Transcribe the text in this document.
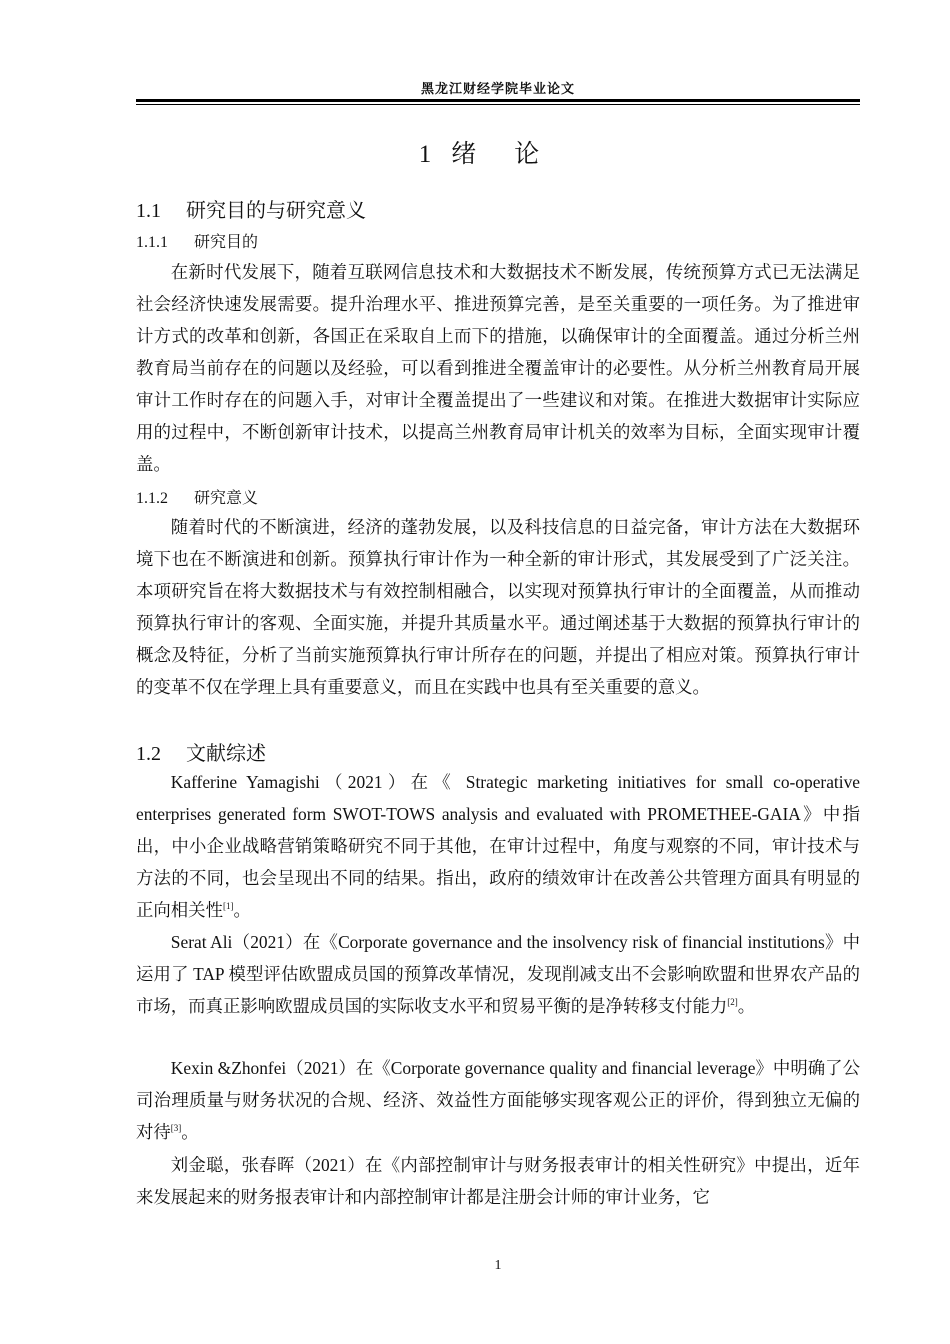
黑龙江财经学院毕业论文
1 绪论
1.1 研究目的与研究意义
1.1.1 研究目的

在新时代发展下，随着互联网信息技术和大数据技术不断发展，传统预算方式已无法满足社会经济快速发展需要。提升治理水平、推进预算完善，是至关重要的一项任务。为了推进审计方式的改革和创新，各国正在采取自上而下的措施，以确保审计的全面覆盖。通过分析兰州教育局当前存在的问题以及经验，可以看到推进全覆盖审计的必要性。从分析兰州教育局开展审计工作时存在的问题入手，对审计全覆盖提出了一些建议和对策。在推进大数据审计实际应用的过程中，不断创新审计技术，以提高兰州教育局审计机关的效率为目标，全面实现审计覆盖。

1.1.2 研究意义

随着时代的不断演进，经济的蓬勃发展，以及科技信息的日益完备，审计方法在大数据环境下也在不断演进和创新。预算执行审计作为一种全新的审计形式，其发展受到了广泛关注。本项研究旨在将大数据技术与有效控制相融合，以实现对预算执行审计的全面覆盖，从而推动预算执行审计的客观、全面实施，并提升其质量水平。通过阐述基于大数据的预算执行审计的概念及特征，分析了当前实施预算执行审计所存在的问题，并提出了相应对策。预算执行审计的变革不仅在学理上具有重要意义，而且在实践中也具有至关重要的意义。

1.2 文献综述

Kafferine Yamagishi（2021）在《 Strategic marketing initiatives for small co-operative enterprises generated form SWOT-TOWS analysis and evaluated with PROMETHEE-GAIA》中指出，中小企业战略营销策略研究不同于其他，在审计过程中，角度与观察的不同，审计技术与方法的不同，也会呈现出不同的结果。指出，政府的绩效审计在改善公共管理方面具有明显的正向相关性[1]。

Serat Ali（2021）在《Corporate governance and the insolvency risk of financial institutions》中运用了 TAP 模型评估欧盟成员国的预算改革情况，发现削减支出不会影响欧盟和世界农产品的市场，而真正影响欧盟成员国的实际收支水平和贸易平衡的是净转移支付能力[2]。

Kexin &Zhonfei（2021）在《Corporate governance quality and financial leverage》中明确了公司治理质量与财务状况的合规、经济、效益性方面能够实现客观公正的评价，得到独立无偏的对待[3]。

刘金聪，张春晖（2021）在《内部控制审计与财务报表审计的相关性研究》中提出，近年来发展起来的财务报表审计和内部控制审计都是注册会计师的审计业务，它

1
